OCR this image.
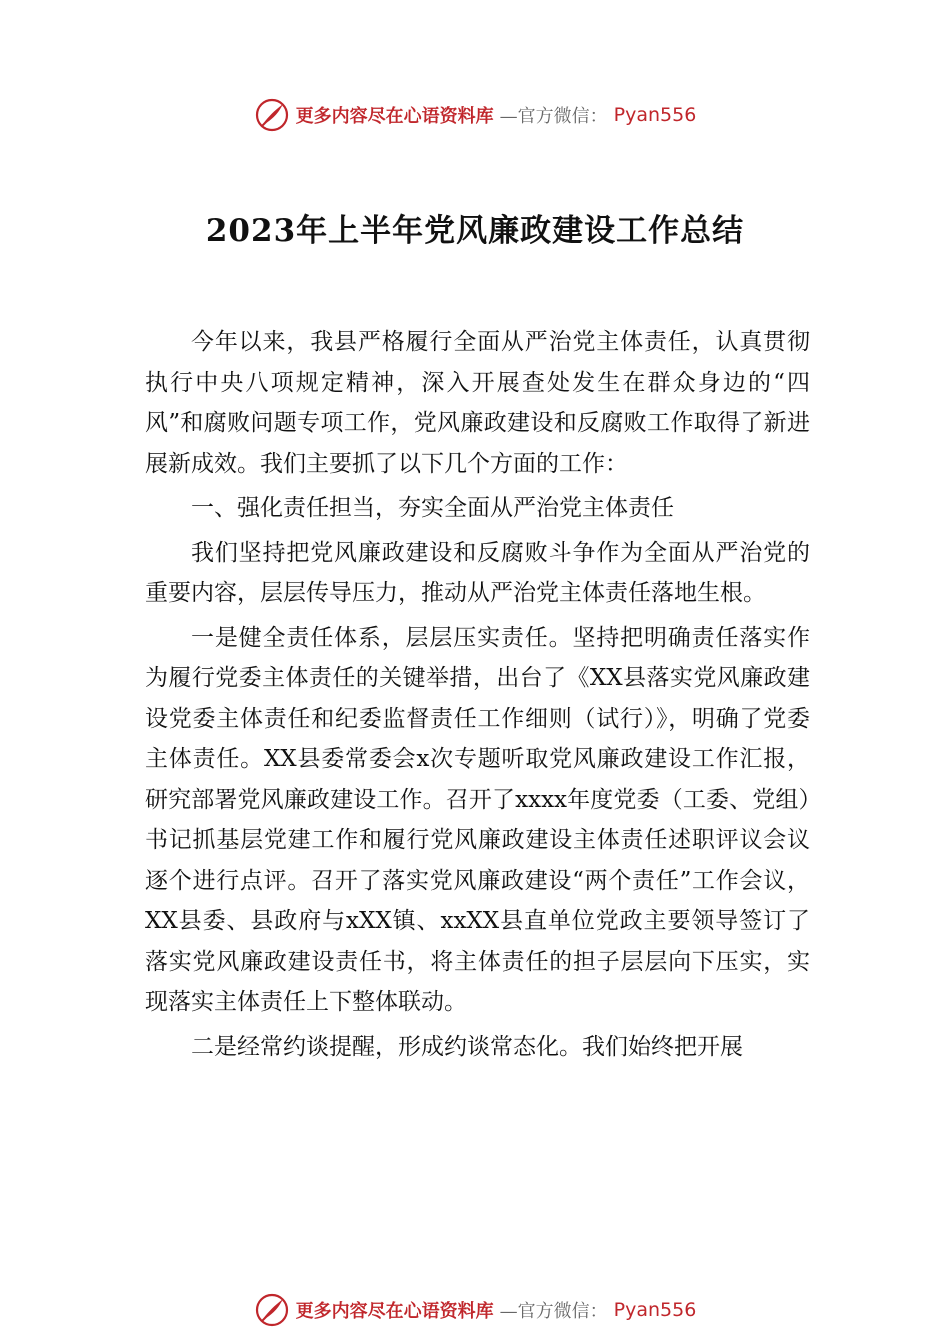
更多内容尽在心语资料库 —官方微信： Pyan556
2023年上半年党风廉政建设工作总结

今年以来，我县严格履行全面从严治党主体责任，认真贯彻执行中央八项规定精神，深入开展查处发生在群众身边的“四风”和腐败问题专项工作，党风廉政建设和反腐败工作取得了新进展新成效。我们主要抓了以下几个方面的工作：

一、强化责任担当，夯实全面从严治党主体责任

我们坚持把党风廉政建设和反腐败斗争作为全面从严治党的重要内容，层层传导压力，推动从严治党主体责任落地生根。

一是健全责任体系，层层压实责任。坚持把明确责任落实作为履行党委主体责任的关键举措，出台了《XX县落实党风廉政建设党委主体责任和纪委监督责任工作细则（试行）》，明确了党委主体责任。XX县委常委会x次专题听取党风廉政建设工作汇报，研究部署党风廉政建设工作。召开了xxxx年度党委（工委、党组）书记抓基层党建工作和履行党风廉政建设主体责任述职评议会议逐个进行点评。召开了落实党风廉政建设“两个责任”工作会议，XX县委、县政府与xXX镇、xxXX县直单位党政主要领导签订了落实党风廉政建设责任书，将主体责任的担子层层向下压实，实现落实主体责任上下整体联动。

二是经常约谈提醒，形成约谈常态化。我们始终把开展

更多内容尽在心语资料库 —官方微信： Pyan556
